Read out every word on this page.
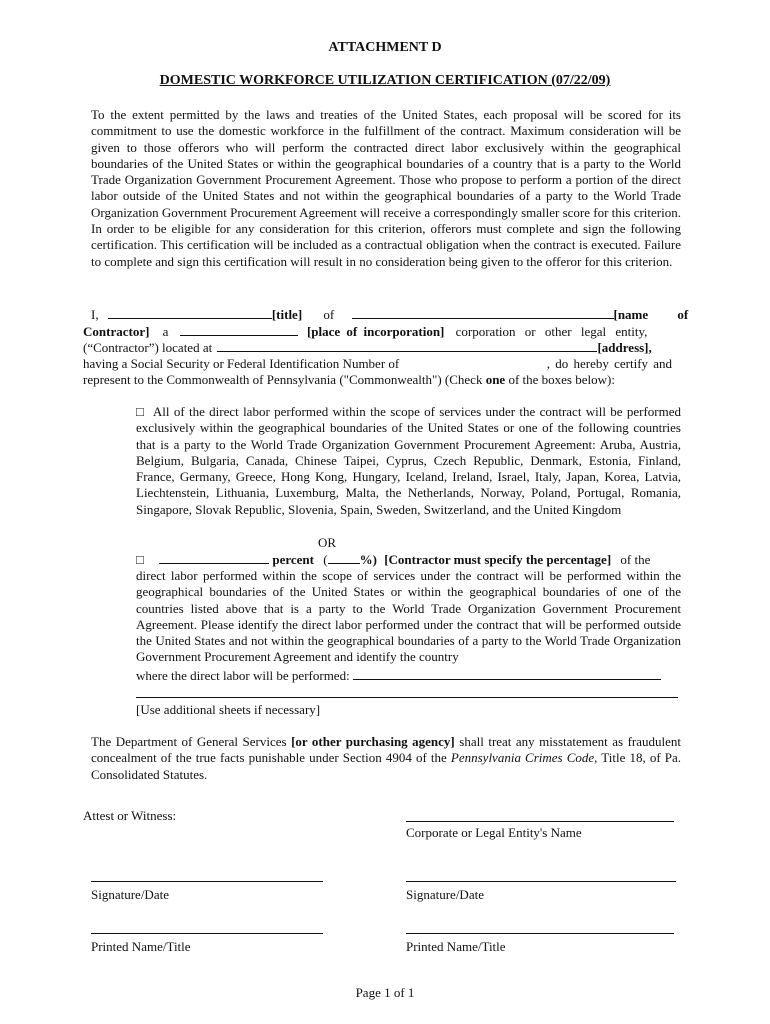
ATTACHMENT D
DOMESTIC WORKFORCE UTILIZATION CERTIFICATION (07/22/09)
To the extent permitted by the laws and treaties of the United States, each proposal will be scored for its commitment to use the domestic workforce in the fulfillment of the contract. Maximum consideration will be given to those offerors who will perform the contracted direct labor exclusively within the geographical boundaries of the United States or within the geographical boundaries of a country that is a party to the World Trade Organization Government Procurement Agreement. Those who propose to perform a portion of the direct labor outside of the United States and not within the geographical boundaries of a party to the World Trade Organization Government Procurement Agreement will receive a correspondingly smaller score for this criterion. In order to be eligible for any consideration for this criterion, offerors must complete and sign the following certification. This certification will be included as a contractual obligation when the contract is executed. Failure to complete and sign this certification will result in no consideration being given to the offeror for this criterion.
I,	[title] of	[name of
Contractor] a	[place of incorporation] corporation or other legal entity,
(“Contractor”) located at	[address],
having a Social Security or Federal Identification Number of	, do hereby certify and
represent to the Commonwealth of Pennsylvania ("Commonwealth") (Check one of the boxes below):
□ All of the direct labor performed within the scope of services under the contract will be performed exclusively within the geographical boundaries of the United States or one of the following countries that is a party to the World Trade Organization Government Procurement Agreement: Aruba, Austria, Belgium, Bulgaria, Canada, Chinese Taipei, Cyprus, Czech Republic, Denmark, Estonia, Finland, France, Germany, Greece, Hong Kong, Hungary, Iceland, Ireland, Israel, Italy, Japan, Korea, Latvia, Liechtenstein, Lithuania, Luxemburg, Malta, the Netherlands, Norway, Poland, Portugal, Romania, Singapore, Slovak Republic, Slovenia, Spain, Sweden, Switzerland, and the United Kingdom
OR
□	percent ( %) [Contractor must specify the percentage] of the
direct labor performed within the scope of services under the contract will be performed within the geographical boundaries of the United States or within the geographical boundaries of one of the countries listed above that is a party to the World Trade Organization Government Procurement Agreement. Please identify the direct labor performed under the contract that will be performed outside the United States and not within the geographical boundaries of a party to the World Trade Organization Government Procurement Agreement and identify the country
where the direct labor will be performed:
[Use additional sheets if necessary]
The Department of General Services [or other purchasing agency] shall treat any misstatement as fraudulent concealment of the true facts punishable under Section 4904 of the Pennsylvania Crimes Code, Title 18, of Pa. Consolidated Statutes.
Attest or Witness:
Corporate or Legal Entity's Name
Signature/Date	Signature/Date
Printed Name/Title	Printed Name/Title
Page 1 of 1
